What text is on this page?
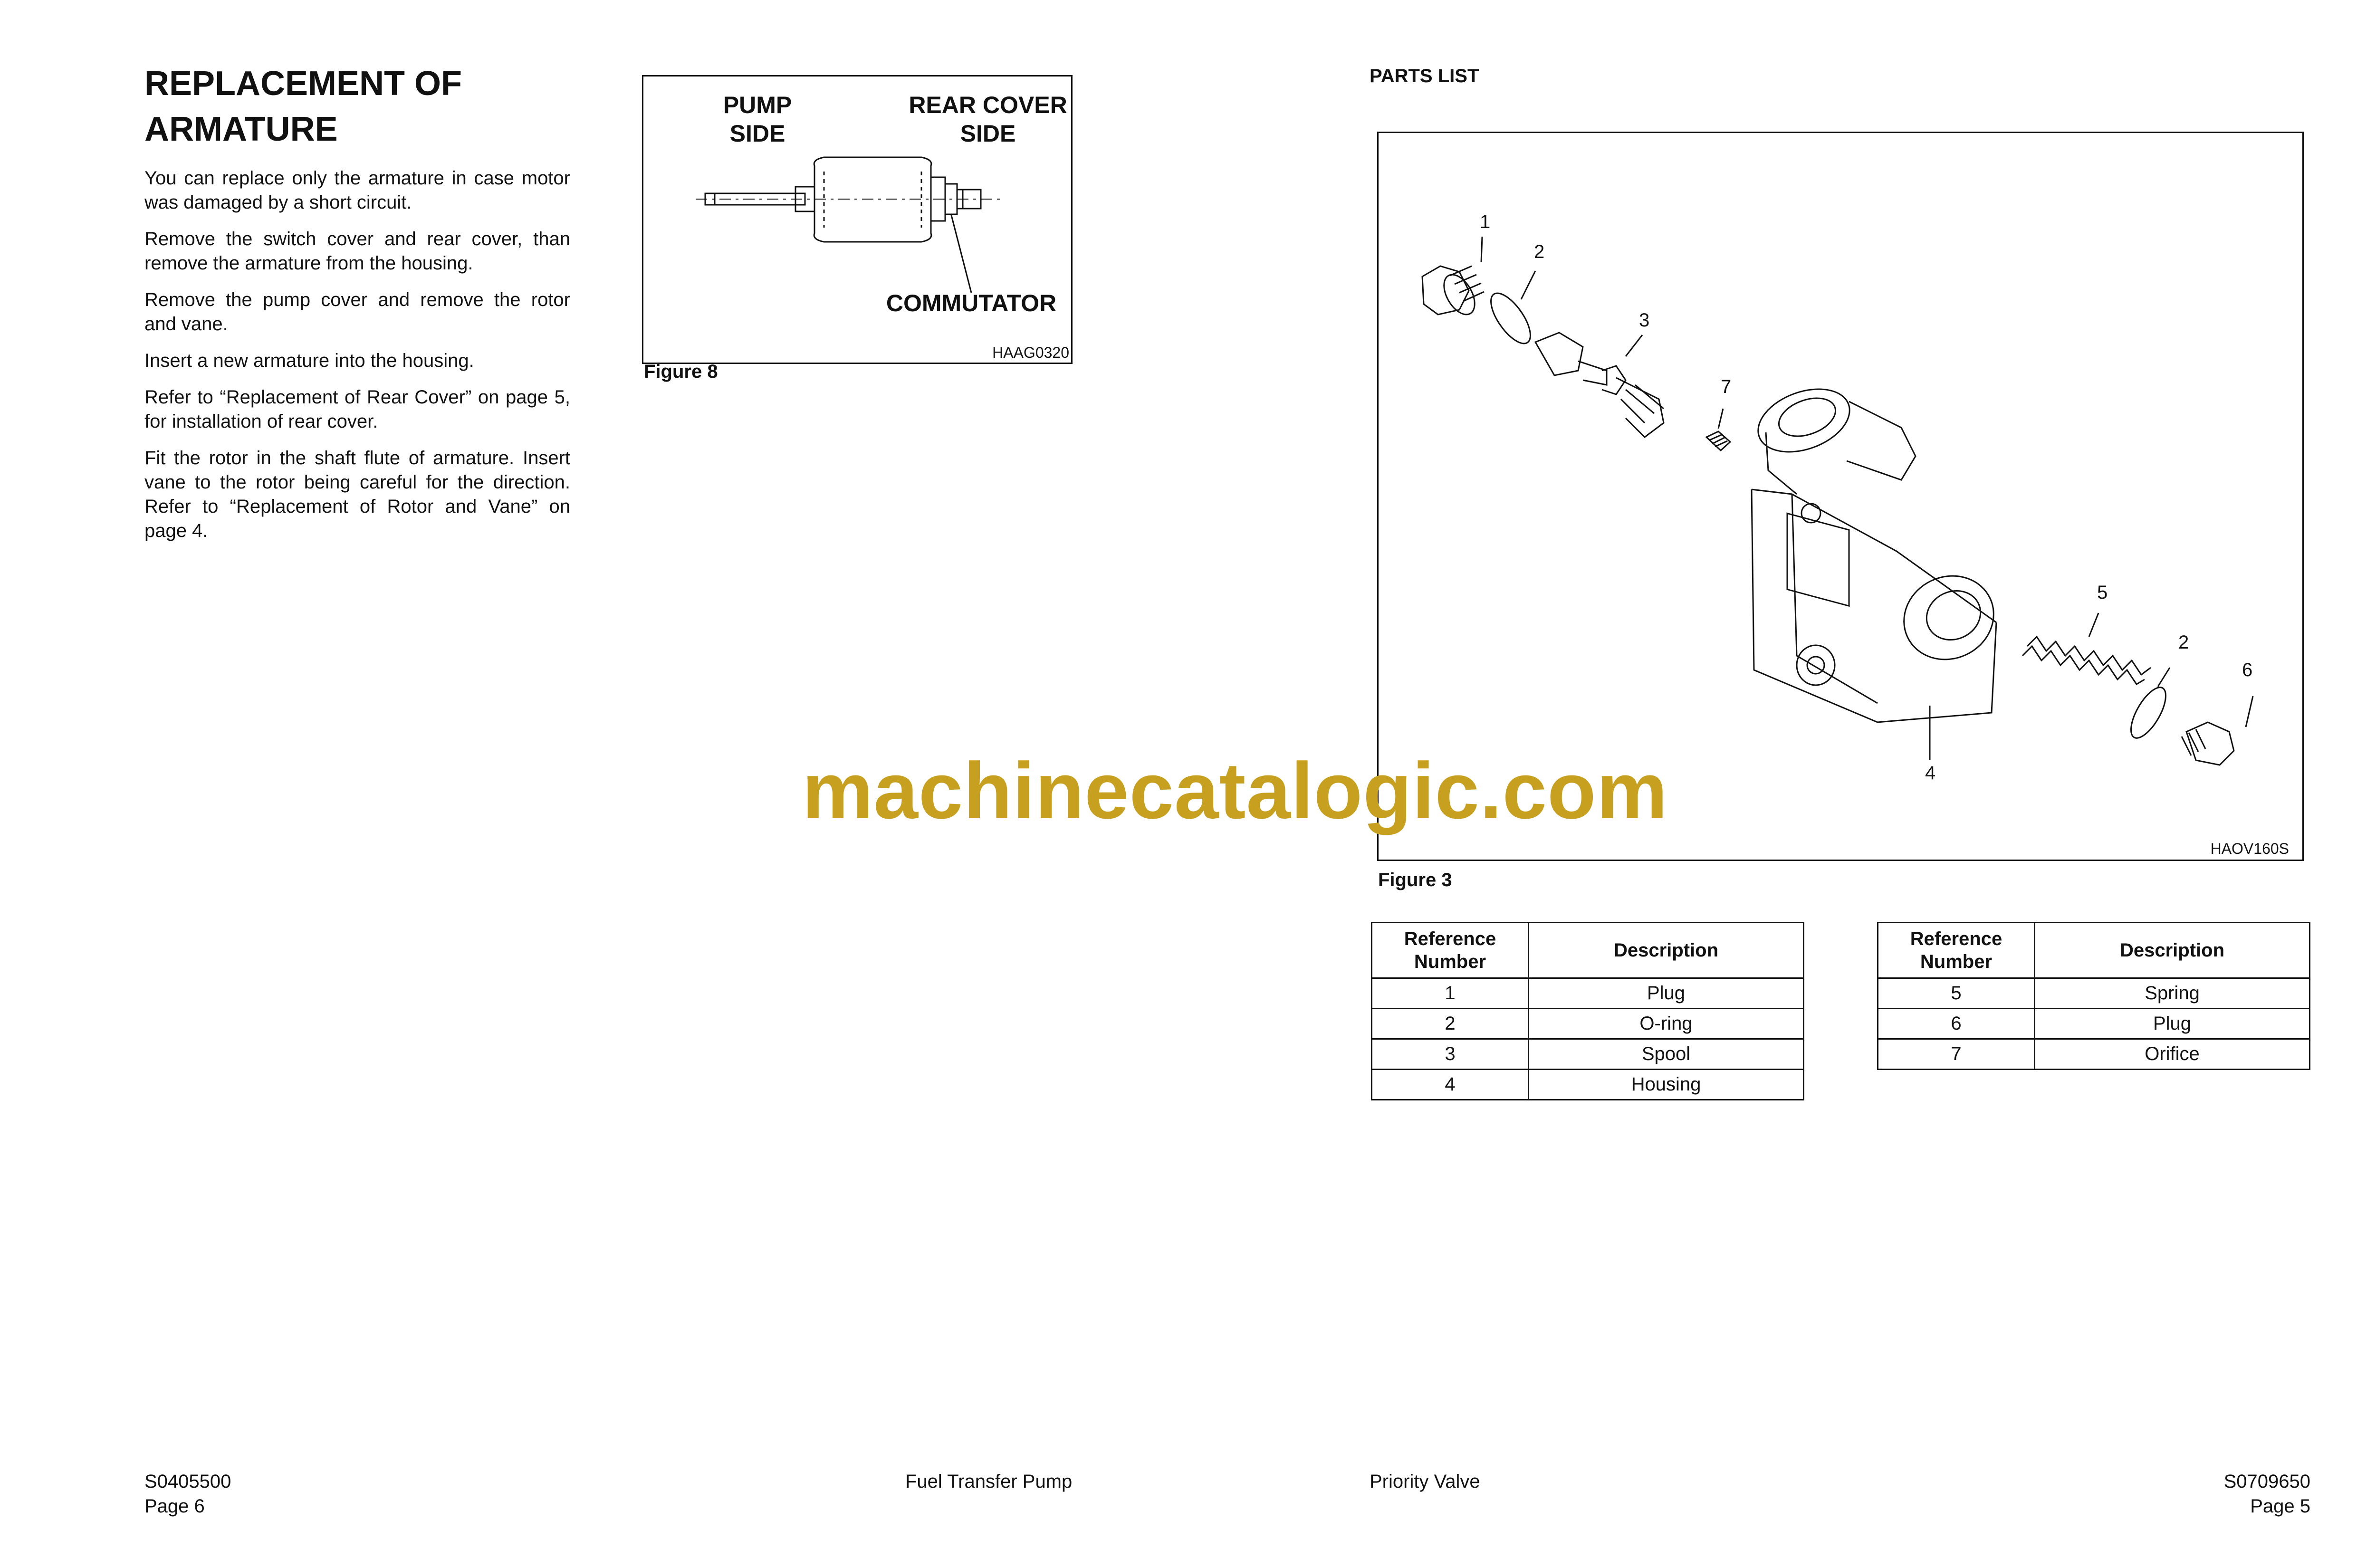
REPLACEMENT OF
ARMATURE

You can replace only the armature in case motor was damaged by a short circuit.

Remove the switch cover and rear cover, than remove the armature from the housing.

Remove the pump cover and remove the rotor and vane.

Insert a new armature into the housing.

Refer to “Replacement of Rear Cover” on page 5, for installation of rear cover.

Fit the rotor in the shaft flute of armature. Insert vane to the rotor being careful for the direction. Refer to “Replacement of Rotor and Vane” on page 4.

PUMP
SIDE
REAR COVER
SIDE
COMMUTATOR
HAAG0320
Figure 8
PARTS LIST
1
2
3
7
5
2
6
4
HAOV160S
Figure 3
Reference
Number	Description
1	Plug
2	O-ring
3	Spool
4	Housing
Reference
Number	Description
5	Spring
6	Plug
7	Orifice
machinecatalogic.com
S0405500
Page 6
Fuel Transfer Pump	Priority Valve	S0709650
Page 5
